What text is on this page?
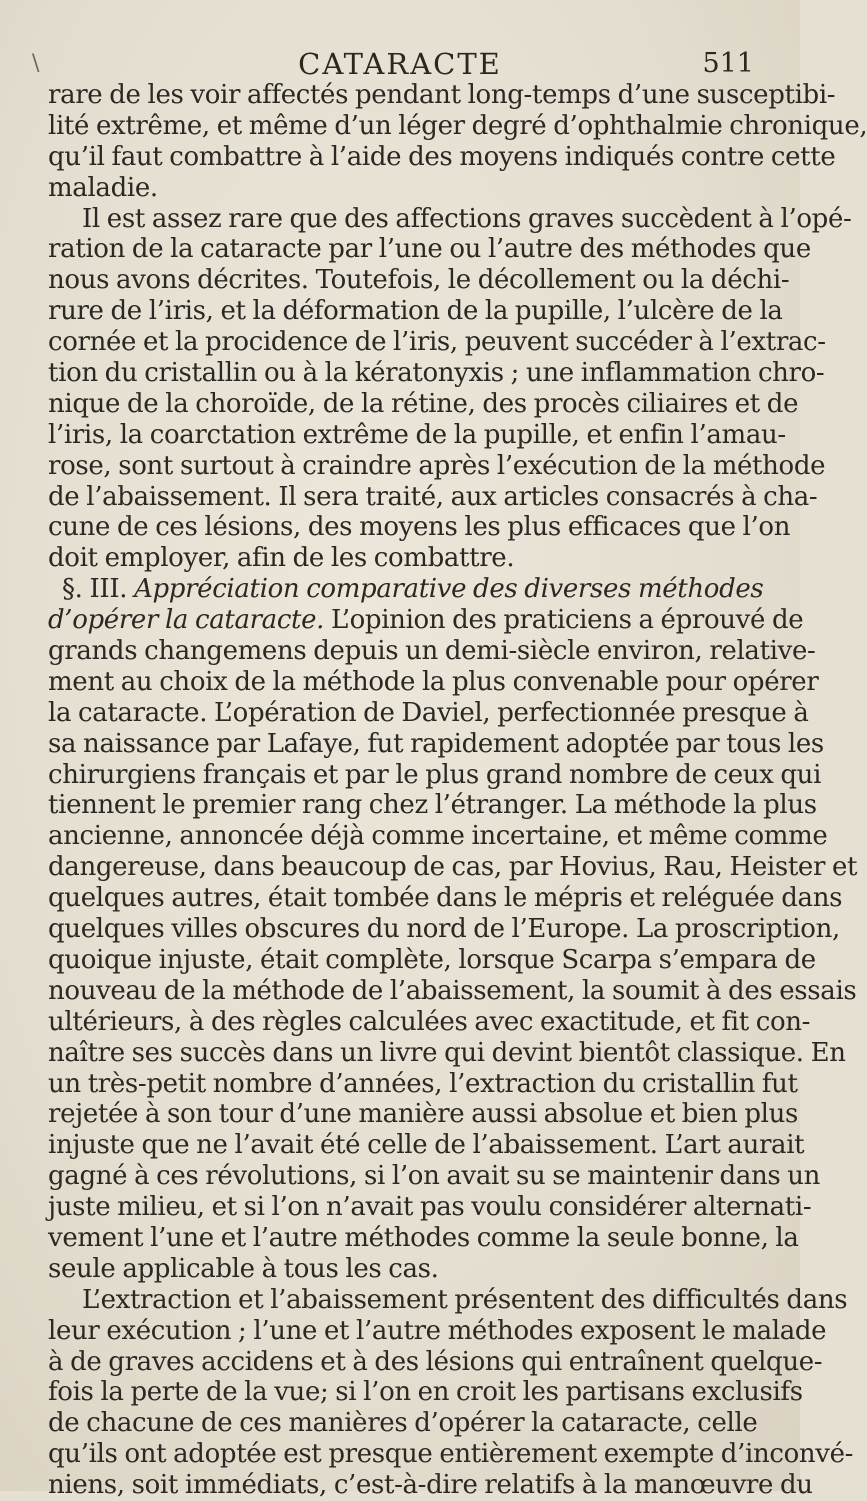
\	CATARACTE	511
rare de les voir affectés pendant long-temps d’une susceptibi-
lité extrême, et même d’un léger degré d’ophthalmie chronique,
qu’il faut combattre à l’aide des moyens indiqués contre cette
maladie.
Il est assez rare que des affections graves succèdent à l’opé-
ration de la cataracte par l’une ou l’autre des méthodes que
nous avons décrites. Toutefois, le décollement ou la déchi-
rure de l’iris, et la déformation de la pupille, l’ulcère de la
cornée et la procidence de l’iris, peuvent succéder à l’extrac-
tion du cristallin ou à la kératonyxis ; une inflammation chro-
nique de la choroïde, de la rétine, des procès ciliaires et de
l’iris, la coarctation extrême de la pupille, et enfin l’amau-
rose, sont surtout à craindre après l’exécution de la méthode
de l’abaissement. Il sera traité, aux articles consacrés à cha-
cune de ces lésions, des moyens les plus efficaces que l’on
doit employer, afin de les combattre.
§. III. Appréciation comparative des diverses méthodes
d’opérer la cataracte. L’opinion des praticiens a éprouvé de
grands changemens depuis un demi-siècle environ, relative-
ment au choix de la méthode la plus convenable pour opérer
la cataracte. L’opération de Daviel, perfectionnée presque à
sa naissance par Lafaye, fut rapidement adoptée par tous les
chirurgiens français et par le plus grand nombre de ceux qui
tiennent le premier rang chez l’étranger. La méthode la plus
ancienne, annoncée déjà comme incertaine, et même comme
dangereuse, dans beaucoup de cas, par Hovius, Rau, Heister et
quelques autres, était tombée dans le mépris et reléguée dans
quelques villes obscures du nord de l’Europe. La proscription,
quoique injuste, était complète, lorsque Scarpa s’empara de
nouveau de la méthode de l’abaissement, la soumit à des essais
ultérieurs, à des règles calculées avec exactitude, et fit con-
naître ses succès dans un livre qui devint bientôt classique. En
un très-petit nombre d’années, l’extraction du cristallin fut
rejetée à son tour d’une manière aussi absolue et bien plus
injuste que ne l’avait été celle de l’abaissement. L’art aurait
gagné à ces révolutions, si l’on avait su se maintenir dans un
juste milieu, et si l’on n’avait pas voulu considérer alternati-
vement l’une et l’autre méthodes comme la seule bonne, la
seule applicable à tous les cas.
L’extraction et l’abaissement présentent des difficultés dans
leur exécution ; l’une et l’autre méthodes exposent le malade
à de graves accidens et à des lésions qui entraînent quelque-
fois la perte de la vue; si l’on en croit les partisans exclusifs
de chacune de ces manières d’opérer la cataracte, celle
qu’ils ont adoptée est presque entièrement exempte d’inconvé-
niens, soit immédiats, c’est-à-dire relatifs à la manœuvre du
